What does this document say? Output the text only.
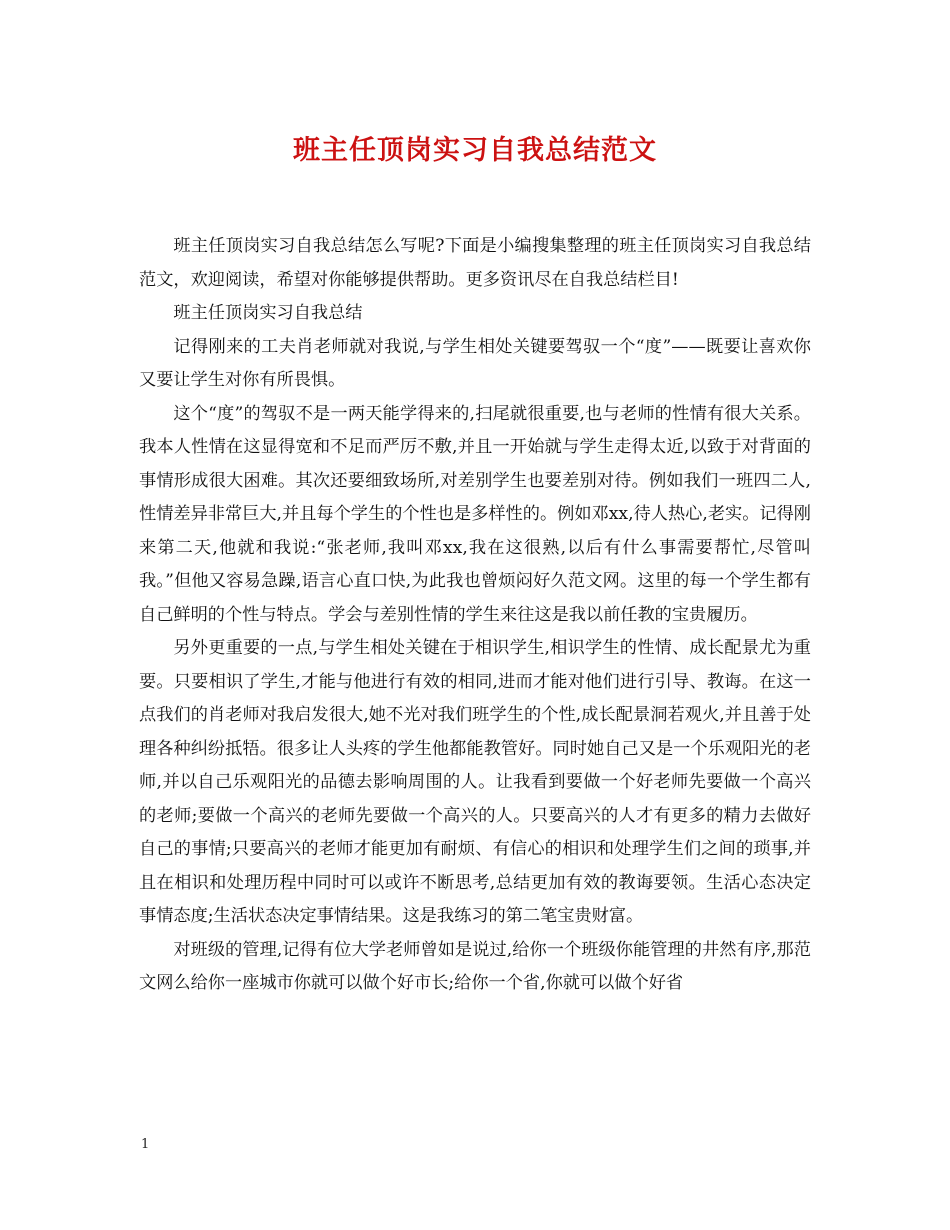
班主任顶岗实习自我总结范文

班主任顶岗实习自我总结怎么写呢?下面是小编搜集整理的班主任顶岗实习自我总结范文，欢迎阅读，希望对你能够提供帮助。更多资讯尽在自我总结栏目!

班主任顶岗实习自我总结

记得刚来的工夫肖老师就对我说,与学生相处关键要驾驭一个“度”——既要让喜欢你又要让学生对你有所畏惧。

这个“度”的驾驭不是一两天能学得来的,扫尾就很重要,也与老师的性情有很大关系。我本人性情在这显得宽和不足而严厉不敷,并且一开始就与学生走得太近,以致于对背面的事情形成很大困难。其次还要细致场所,对差别学生也要差别对待。例如我们一班四二人,性情差异非常巨大,并且每个学生的个性也是多样性的。例如邓xx,待人热心,老实。记得刚来第二天,他就和我说:“张老师,我叫邓xx,我在这很熟,以后有什么事需要帮忙,尽管叫我。”但他又容易急躁,语言心直口快,为此我也曾烦闷好久范文网。这里的每一个学生都有自己鲜明的个性与特点。学会与差别性情的学生来往这是我以前任教的宝贵履历。

另外更重要的一点,与学生相处关键在于相识学生,相识学生的性情、成长配景尤为重要。只要相识了学生,才能与他进行有效的相同,进而才能对他们进行引导、教诲。在这一点我们的肖老师对我启发很大,她不光对我们班学生的个性,成长配景洞若观火,并且善于处理各种纠纷抵牾。很多让人头疼的学生他都能教管好。同时她自己又是一个乐观阳光的老师,并以自己乐观阳光的品德去影响周围的人。让我看到要做一个好老师先要做一个高兴的老师;要做一个高兴的老师先要做一个高兴的人。只要高兴的人才有更多的精力去做好自己的事情;只要高兴的老师才能更加有耐烦、有信心的相识和处理学生们之间的琐事,并且在相识和处理历程中同时可以或许不断思考,总结更加有效的教诲要领。生活心态决定事情态度;生活状态决定事情结果。这是我练习的第二笔宝贵财富。

对班级的管理,记得有位大学老师曾如是说过,给你一个班级你能管理的井然有序,那范文网么给你一座城市你就可以做个好市长;给你一个省,你就可以做个好省

1
